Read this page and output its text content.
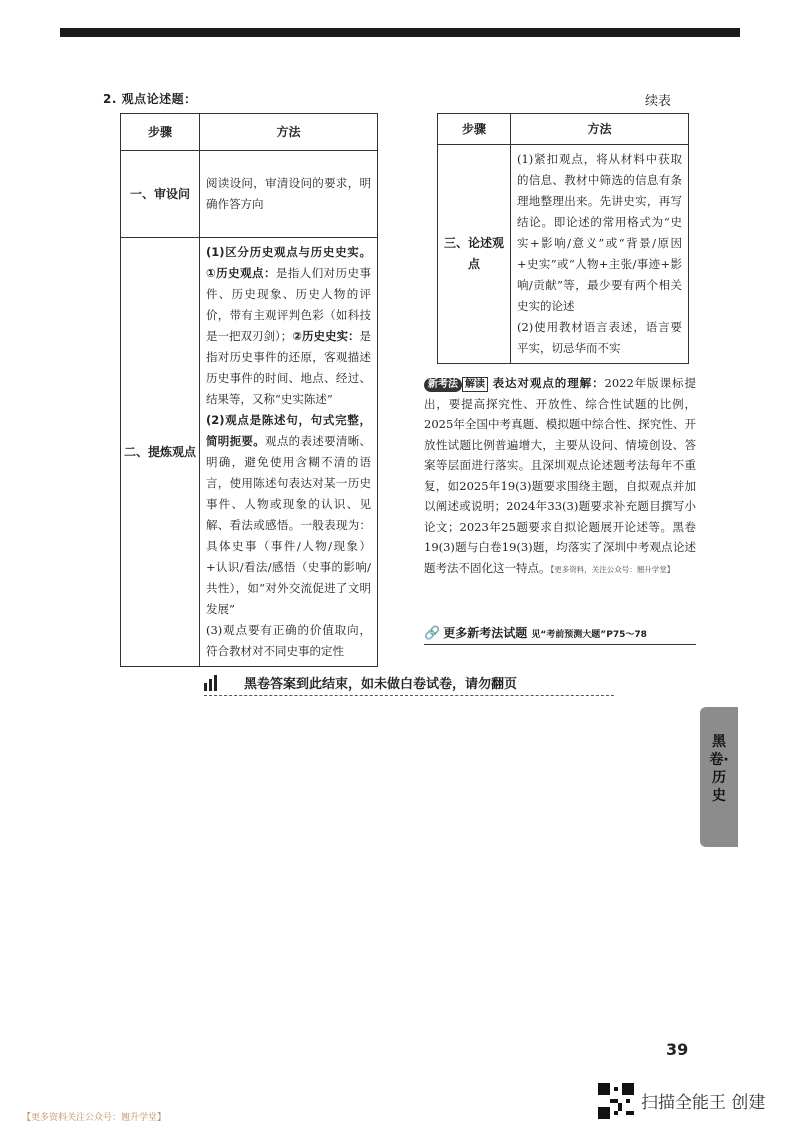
2. 观点论述题：	续表
步骤	方法
一、审设问	阅读设问，审清设问的要求，明确作答方向
二、提炼观点	(1)区分历史观点与历史史实。①历史观点：是指人们对历史事件、历史现象、历史人物的评价，带有主观评判色彩（如科技是一把双刃剑）；②历史史实：是指对历史事件的还原，客观描述历史事件的时间、地点、经过、结果等，又称“史实陈述”

(2)观点是陈述句，句式完整，简明扼要。观点的表述要清晰、明确，避免使用含糊不清的语言，使用陈述句表达对某一历史事件、人物或现象的认识、见解、看法或感悟。一般表现为：具体史事（事件/人物/现象）+认识/看法/感悟（史事的影响/共性），如“对外交流促进了文明发展”

(3)观点要有正确的价值取向，符合教材对不同史事的定性

步骤	方法
三、论述观点	(1)紧扣观点，将从材料中获取的信息、教材中筛选的信息有条理地整理出来。先讲史实，再写结论。即论述的常用格式为“史实+影响/意义”或“背景/原因+史实”或“人物+主张/事迹+影响/贡献”等，最少要有两个相关史实的论述

(2)使用教材语言表述，语言要平实，切忌华而不实

新考法 解读 表达对观点的理解：2022年版课标提出，要提高探究性、开放性、综合性试题的比例，2025年全国中考真题、模拟题中综合性、探究性、开放性试题比例普遍增大，主要从设问、情境创设、答案等层面进行落实。且深圳观点论述题考法每年不重复，如2025年19(3)题要求围绕主题，自拟观点并加以阐述或说明；2024年33(3)题要求补充题目撰写小论文；2023年25题要求自拟论题展开论述等。黑卷19(3)题与白卷19(3)题，均落实了深圳中考观点论述题考法不固化这一特点。【更多资料，关注公众号：翘升学堂】
🔗 更多新考法试题 见“考前预测大题”P75～78
黑卷答案到此结束，如未做白卷试卷，请勿翻页
黑卷·历史
39
【更多资料关注公众号：翘升学堂】
扫描全能王 创建
